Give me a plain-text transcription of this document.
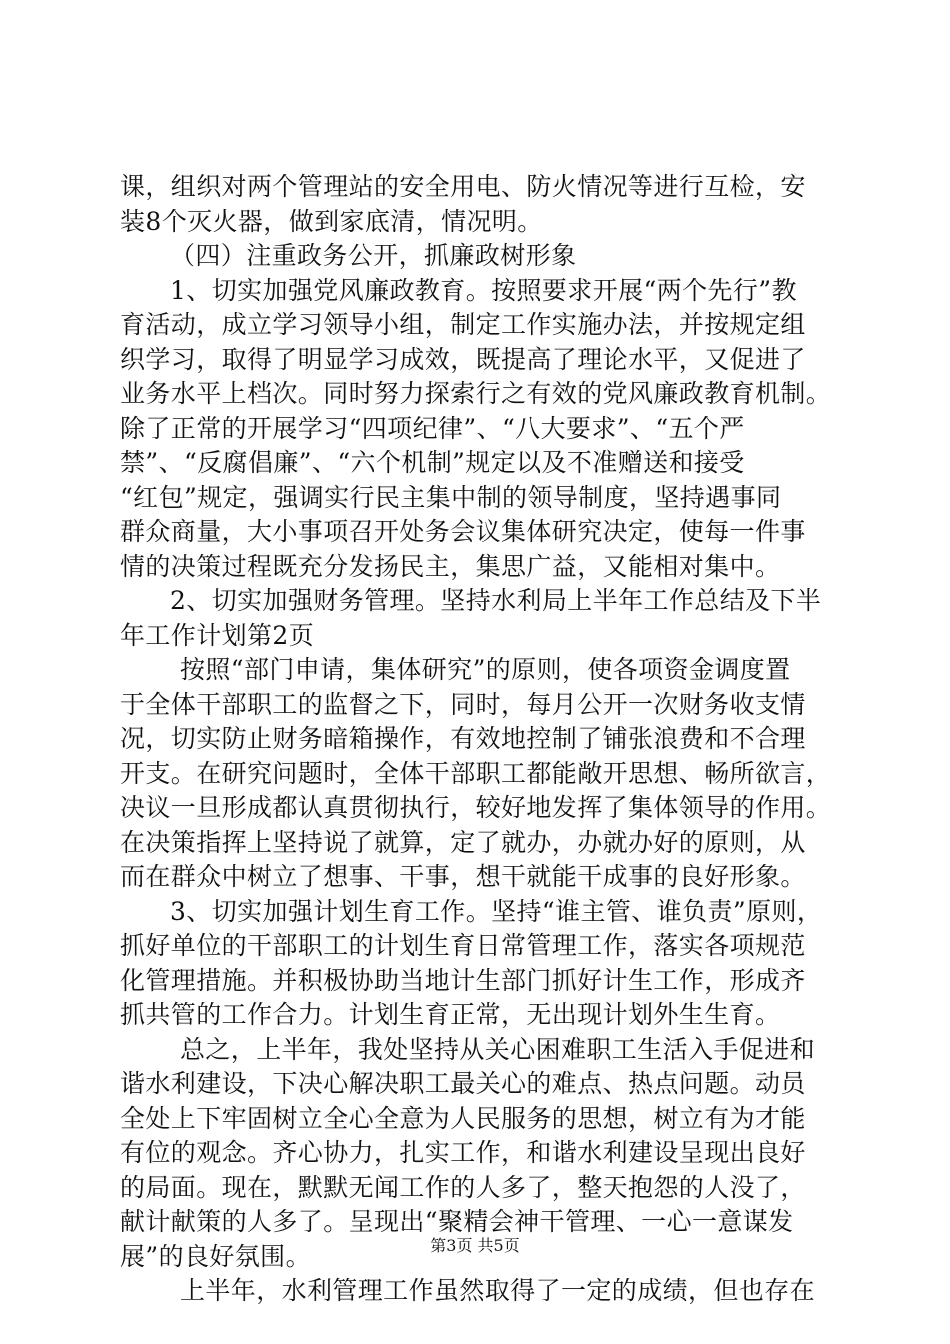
课，组织对两个管理站的安全用电、防火情况等进行互检，安
装8个灭火器，做到家底清，情况明。
（四）注重政务公开，抓廉政树形象
1、切实加强党风廉政教育。按照要求开展“两个先行”教
育活动，成立学习领导小组，制定工作实施办法，并按规定组
织学习，取得了明显学习成效，既提高了理论水平，又促进了
业务水平上档次。同时努力探索行之有效的党风廉政教育机制。
除了正常的开展学习“四项纪律”、“八大要求”、“五个严
禁”、“反腐倡廉”、“六个机制”规定以及不准赠送和接受
“红包”规定，强调实行民主集中制的领导制度，坚持遇事同
群众商量，大小事项召开处务会议集体研究决定，使每一件事
情的决策过程既充分发扬民主，集思广益，又能相对集中。
2、切实加强财务管理。坚持水利局上半年工作总结及下半
年工作计划第2页
按照“部门申请，集体研究”的原则，使各项资金调度置
于全体干部职工的监督之下，同时，每月公开一次财务收支情
况，切实防止财务暗箱操作，有效地控制了铺张浪费和不合理
开支。在研究问题时，全体干部职工都能敞开思想、畅所欲言，
决议一旦形成都认真贯彻执行，较好地发挥了集体领导的作用。
在决策指挥上坚持说了就算，定了就办，办就办好的原则，从
而在群众中树立了想事、干事，想干就能干成事的良好形象。
3、切实加强计划生育工作。坚持“谁主管、谁负责”原则，
抓好单位的干部职工的计划生育日常管理工作，落实各项规范
化管理措施。并积极协助当地计生部门抓好计生工作，形成齐
抓共管的工作合力。计划生育正常，无出现计划外生生育。
总之，上半年，我处坚持从关心困难职工生活入手促进和
谐水利建设，下决心解决职工最关心的难点、热点问题。动员
全处上下牢固树立全心全意为人民服务的思想，树立有为才能
有位的观念。齐心协力，扎实工作，和谐水利建设呈现出良好
的局面。现在，默默无闻工作的人多了，整天抱怨的人没了，
献计献策的人多了。呈现出“聚精会神干管理、一心一意谋发
展”的良好氛围。
上半年，水利管理工作虽然取得了一定的成绩，但也存在
第3页 共5页
